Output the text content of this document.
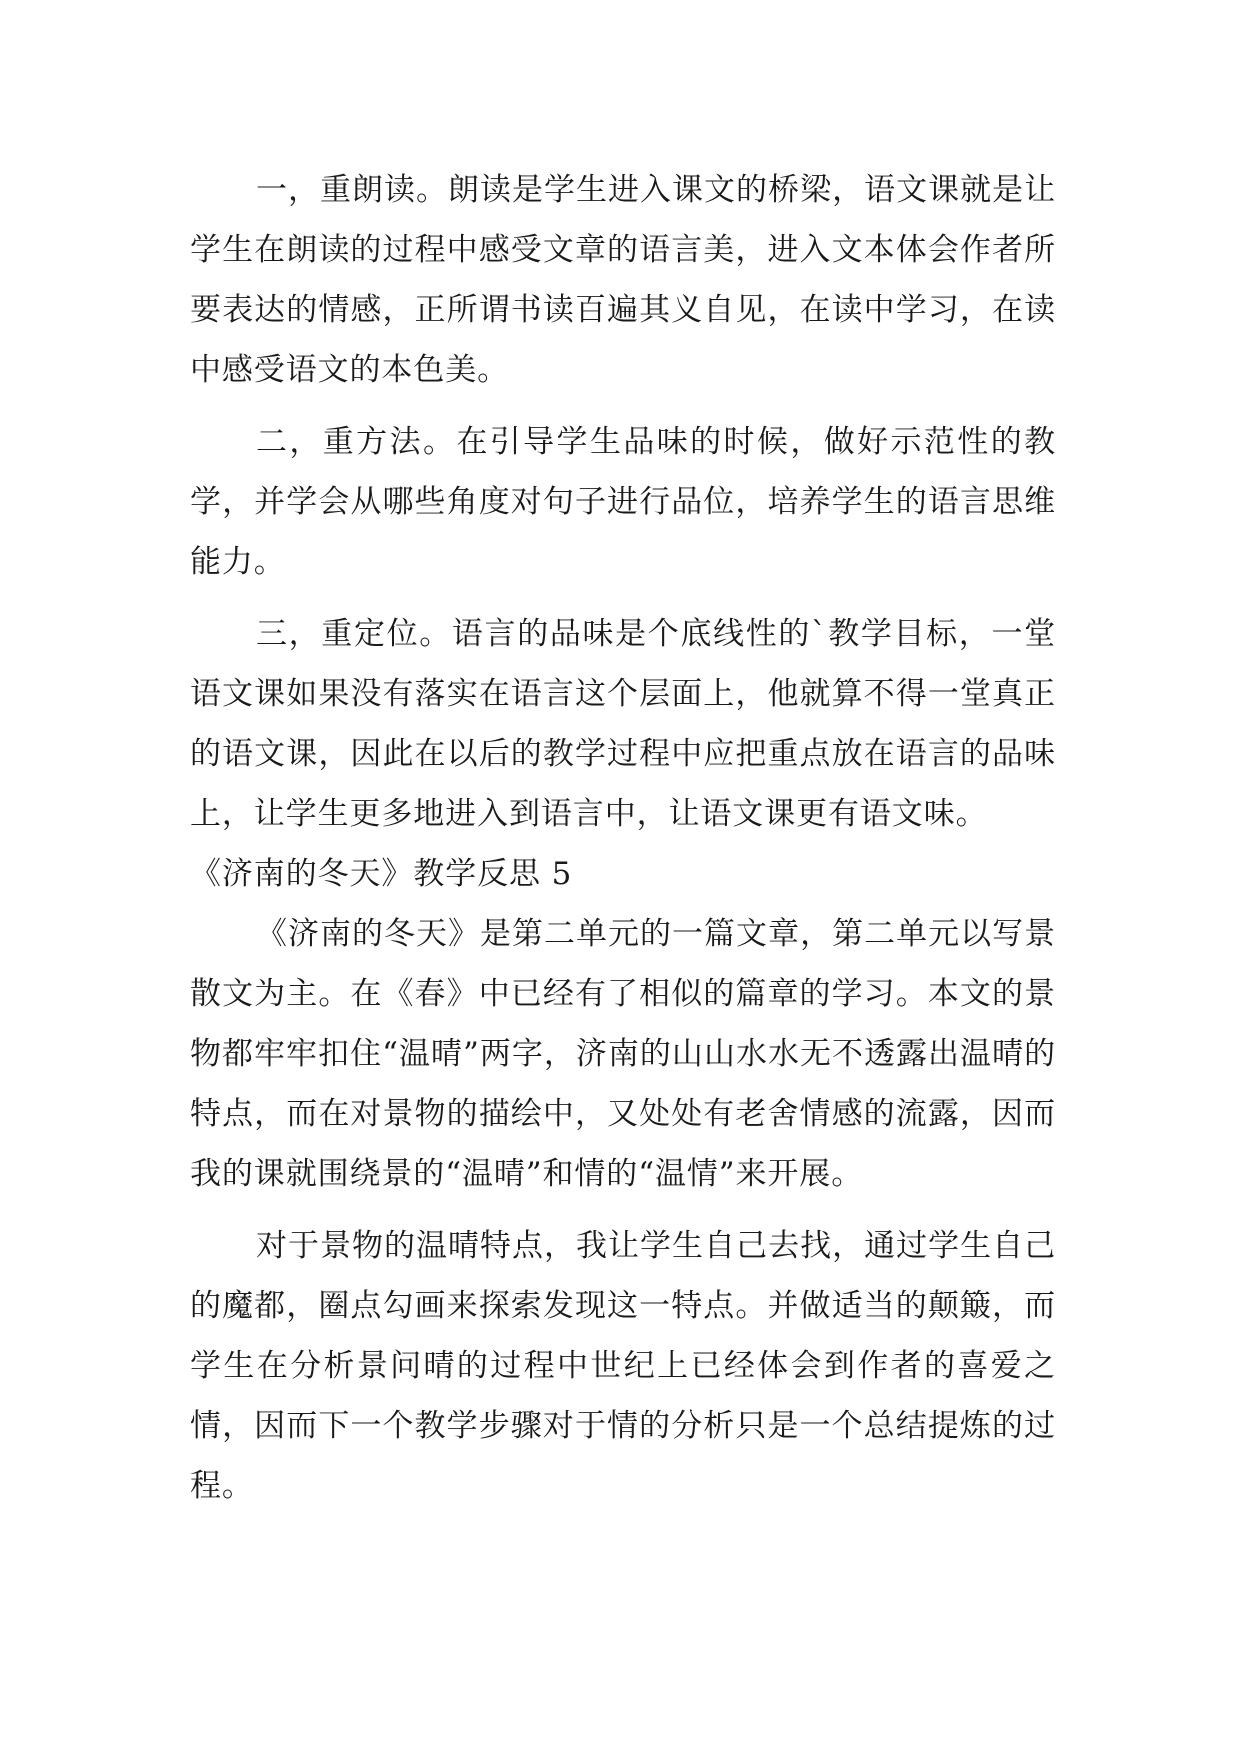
一，重朗读。朗读是学生进入课文的桥梁，语文课就是让学生在朗读的过程中感受文章的语言美，进入文本体会作者所要表达的情感，正所谓书读百遍其义自见，在读中学习，在读中感受语文的本色美。

二，重方法。在引导学生品味的时候，做好示范性的教学，并学会从哪些角度对句子进行品位，培养学生的语言思维能力。

三，重定位。语言的品味是个底线性的`教学目标，一堂语文课如果没有落实在语言这个层面上，他就算不得一堂真正的语文课，因此在以后的教学过程中应把重点放在语言的品味上，让学生更多地进入到语言中，让语文课更有语文味。

《济南的冬天》教学反思 5

《济南的冬天》是第二单元的一篇文章，第二单元以写景散文为主。在《春》中已经有了相似的篇章的学习。本文的景物都牢牢扣住“温晴”两字，济南的山山水水无不透露出温晴的特点，而在对景物的描绘中，又处处有老舍情感的流露，因而我的课就围绕景的“温晴”和情的“温情”来开展。

对于景物的温晴特点，我让学生自己去找，通过学生自己的魔都，圈点勾画来探索发现这一特点。并做适当的颠簸，而学生在分析景问晴的过程中世纪上已经体会到作者的喜爱之情，因而下一个教学步骤对于情的分析只是一个总结提炼的过程。
